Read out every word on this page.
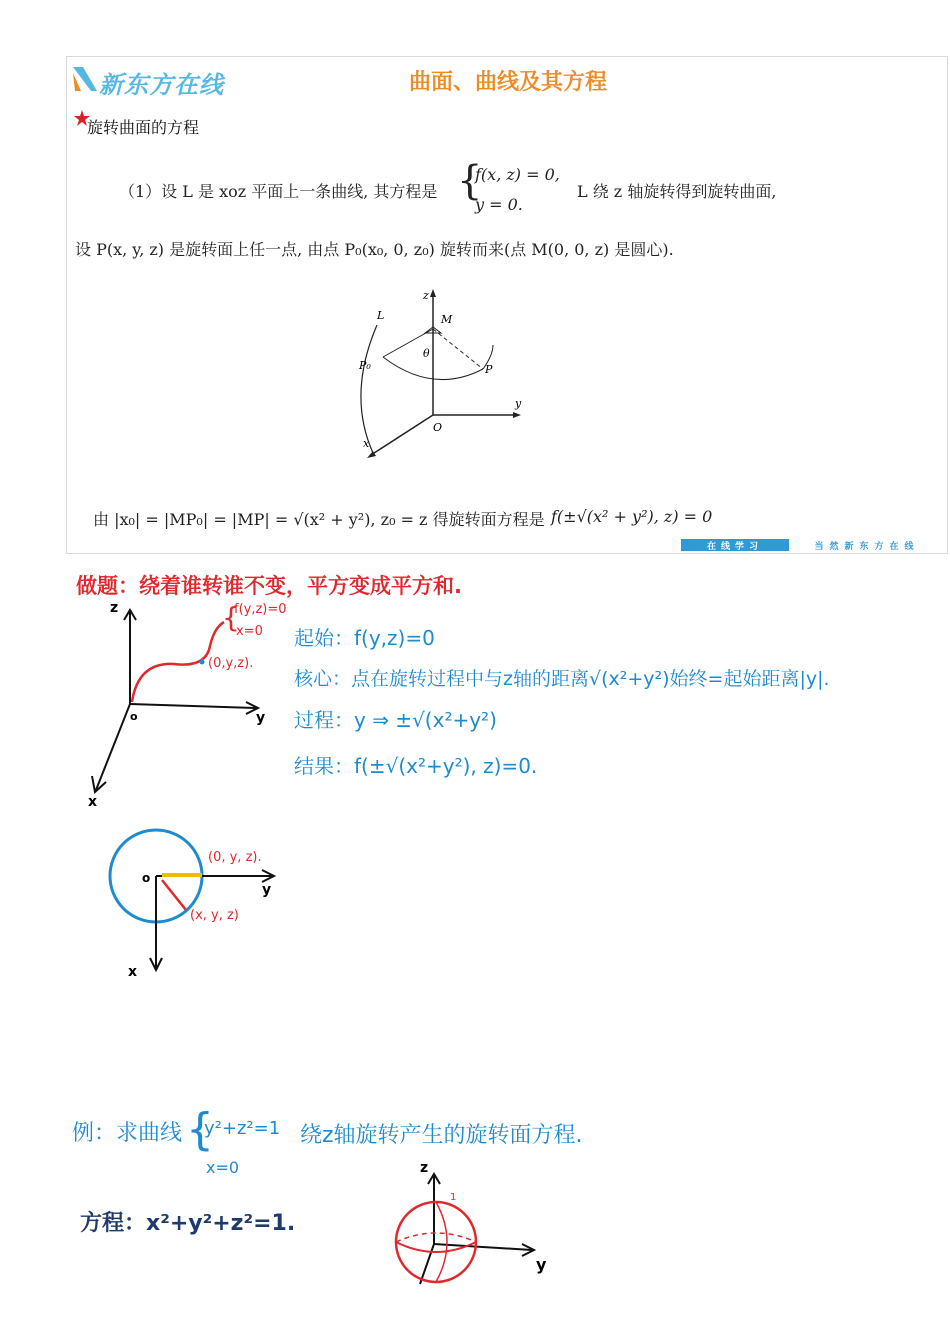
新东方在线	曲面、曲线及其方程
旋转曲面的方程
（1）设 L 是 xoz 平面上一条曲线, 其方程是 {
f(x, z) = 0,
y = 0.
L 绕 z 轴旋转得到旋转曲面,
设 P(x, y, z) 是旋转面上任一点, 由点 P₀(x₀, 0, z₀) 旋转而来(点 M(0, 0, z) 是圆心).
z
M
L
P₀
θ
P
y
O
x
由 |x₀| = |MP₀| = |MP| = √(x² + y²), z₀ = z 得旋转面方程是 f(±√(x² + y²), z) = 0
在线学习	当然新东方在线
做题：绕着谁转谁不变，平方变成平方和.
z
y
x
o
{
f(y,z)=0
x=0
(0,y,z).
起始：f(y,z)=0
核心：点在旋转过程中与z轴的距离√(x²+y²)始终=起始距离|y|.
过程：y ⇒ ±√(x²+y²)
结果：f(±√(x²+y²), z)=0.
o
y
x
(0, y, z).
(x, y, z)
例：求曲线 {
y²+z²=1
x=0
绕z轴旋转产生的旋转面方程.
方程：x²+y²+z²=1.
z
y
1
